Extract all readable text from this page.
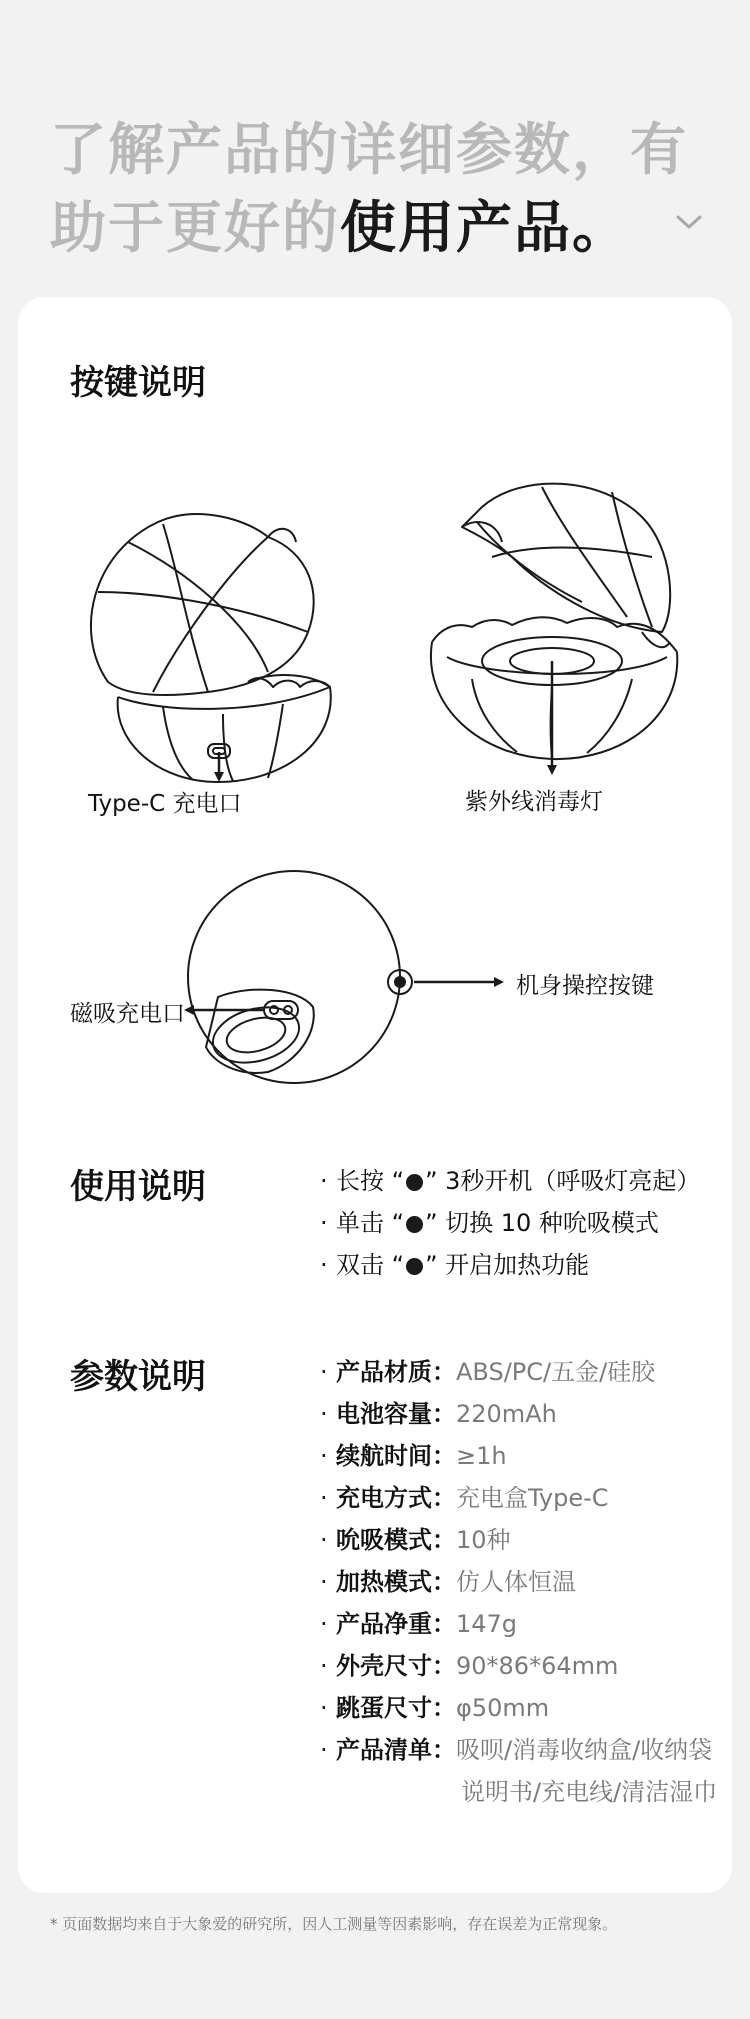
了解产品的详细参数，有
助于更好的使用产品。
按键说明
Type-C 充电口	紫外线消毒灯
磁吸充电口
机身操控按键
使用说明	· 长按 “ ” 3秒开机（呼吸灯亮起）
· 单击 “ ” 切换 10 种吮吸模式
· 双击 “ ” 开启加热功能
参数说明	· 产品材质：ABS/PC/五金/硅胶
· 电池容量：220mAh
· 续航时间：≥1h
· 充电方式：充电盒Type-C
· 吮吸模式：10种
· 加热模式：仿人体恒温
· 产品净重：147g
· 外壳尺寸：90*86*64mm
· 跳蛋尺寸：φ50mm
· 产品清单：吸呗/消毒收纳盒/收纳袋
说明书/充电线/清洁湿巾
* 页面数据均来自于大象爱的研究所，因人工测量等因素影响，存在误差为正常现象。
